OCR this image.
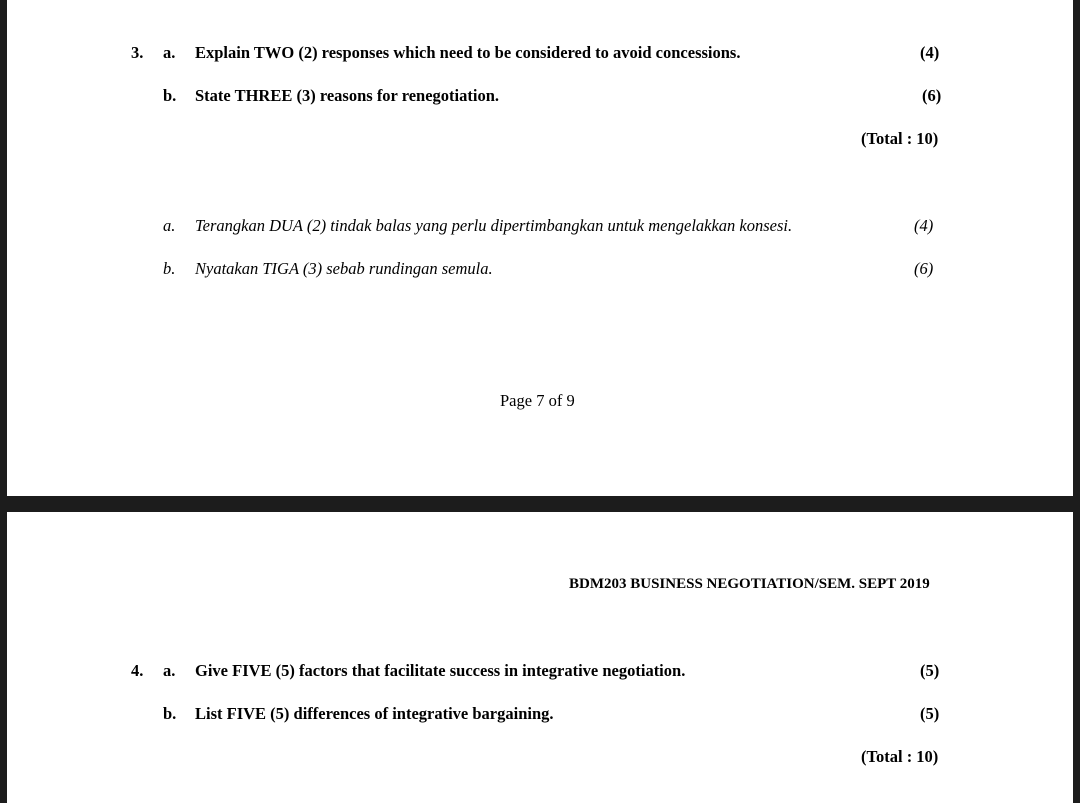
3. a. Explain TWO (2) responses which need to be considered to avoid concessions.	(4)
b. State THREE (3) reasons for renegotiation.	(6)
(Total : 10)
a. Terangkan DUA (2) tindak balas yang perlu dipertimbangkan untuk mengelakkan konsesi.	(4)
b. Nyatakan TIGA (3) sebab rundingan semula.	(6)
Page 7 of 9
BDM203 BUSINESS NEGOTIATION/SEM. SEPT 2019
4. a. Give FIVE (5) factors that facilitate success in integrative negotiation.	(5)
b. List FIVE (5) differences of integrative bargaining.	(5)
(Total : 10)
